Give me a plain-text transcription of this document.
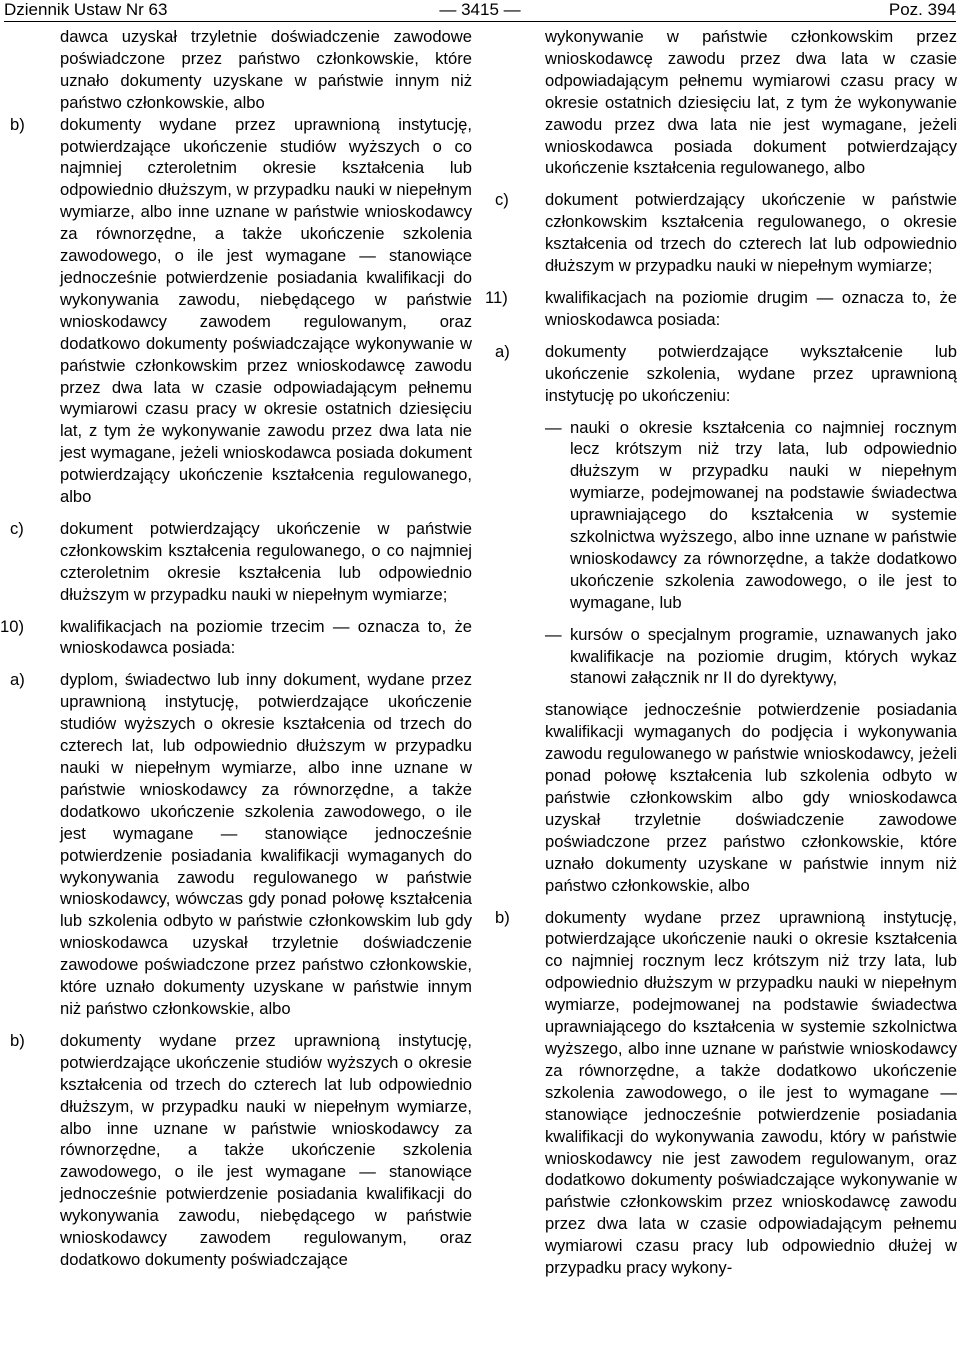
Dziennik Ustaw Nr 63	— 3415 —	Poz. 394

dawca uzyskał trzyletnie doświadczenie zawodowe poświadczone przez państwo członkowskie, które uznało dokumenty uzyskane w państwie innym niż państwo członkowskie, albo

b) dokumenty wydane przez uprawnioną instytucję, potwierdzające ukończenie studiów wyższych o co najmniej czteroletnim okresie kształcenia lub odpowiednio dłuższym, w przypadku nauki w niepełnym wymiarze, albo inne uznane w państwie wnioskodawcy za równorzędne, a także ukończenie szkolenia zawodowego, o ile jest wymagane — stanowiące jednocześnie potwierdzenie posiadania kwalifikacji do wykonywania zawodu, niebędącego w państwie wnioskodawcy zawodem regulowanym, oraz dodatkowo dokumenty poświadczające wykonywanie w państwie członkowskim przez wnioskodawcę zawodu przez dwa lata w czasie odpowiadającym pełnemu wymiarowi czasu pracy w okresie ostatnich dziesięciu lat, z tym że wykonywanie zawodu przez dwa lata nie jest wymagane, jeżeli wnioskodawca posiada dokument potwierdzający ukończenie kształcenia regulowanego, albo
c) dokument potwierdzający ukończenie w państwie członkowskim kształcenia regulowanego, o co najmniej czteroletnim okresie kształcenia lub odpowiednio dłuższym w przypadku nauki w niepełnym wymiarze;
10) kwalifikacjach na poziomie trzecim — oznacza to, że wnioskodawca posiada:
a) dyplom, świadectwo lub inny dokument, wydane przez uprawnioną instytucję, potwierdzające ukończenie studiów wyższych o okresie kształcenia od trzech do czterech lat, lub odpowiednio dłuższym w przypadku nauki w niepełnym wymiarze, albo inne uznane w państwie wnioskodawcy za równorzędne, a także dodatkowo ukończenie szkolenia zawodowego, o ile jest wymagane — stanowiące jednocześnie potwierdzenie posiadania kwalifikacji wymaganych do wykonywania zawodu regulowanego w państwie wnioskodawcy, wówczas gdy ponad połowę kształcenia lub szkolenia odbyto w państwie członkowskim lub gdy wnioskodawca uzyskał trzyletnie doświadczenie zawodowe poświadczone przez państwo członkowskie, które uznało dokumenty uzyskane w państwie innym niż państwo członkowskie, albo
b) dokumenty wydane przez uprawnioną instytucję, potwierdzające ukończenie studiów wyższych o okresie kształcenia od trzech do czterech lat lub odpowiednio dłuższym, w przypadku nauki w niepełnym wymiarze, albo inne uznane w państwie wnioskodawcy za równorzędne, a także ukończenie szkolenia zawodowego, o ile jest wymagane — stanowiące jednocześnie potwierdzenie posiadania kwalifikacji do wykonywania zawodu, niebędącego w państwie wnioskodawcy zawodem regulowanym, oraz dodatkowo dokumenty poświadczające

wykonywanie w państwie członkowskim przez wnioskodawcę zawodu przez dwa lata w czasie odpowiadającym pełnemu wymiarowi czasu pracy w okresie ostatnich dziesięciu lat, z tym że wykonywanie zawodu przez dwa lata nie jest wymagane, jeżeli wnioskodawca posiada dokument potwierdzający ukończenie kształcenia regulowanego, albo

c) dokument potwierdzający ukończenie w państwie członkowskim kształcenia regulowanego, o okresie kształcenia od trzech do czterech lat lub odpowiednio dłuższym w przypadku nauki w niepełnym wymiarze;
11) kwalifikacjach na poziomie drugim — oznacza to, że wnioskodawca posiada:
a) dokumenty potwierdzające wykształcenie lub ukończenie szkolenia, wydane przez uprawnioną instytucję po ukończeniu:
— nauki o okresie kształcenia co najmniej rocznym lecz krótszym niż trzy lata, lub odpowiednio dłuższym w przypadku nauki w niepełnym wymiarze, podejmowanej na podstawie świadectwa uprawniającego do kształcenia w systemie szkolnictwa wyższego, albo inne uznane w państwie wnioskodawcy za równorzędne, a także dodatkowo ukończenie szkolenia zawodowego, o ile jest to wymagane, lub
— kursów o specjalnym programie, uznawanych jako kwalifikacje na poziomie drugim, których wykaz stanowi załącznik nr II do dyrektywy,

stanowiące jednocześnie potwierdzenie posiadania kwalifikacji wymaganych do podjęcia i wykonywania zawodu regulowanego w państwie wnioskodawcy, jeżeli ponad połowę kształcenia lub szkolenia odbyto w państwie członkowskim albo gdy wnioskodawca uzyskał trzyletnie doświadczenie zawodowe poświadczone przez państwo członkowskie, które uznało dokumenty uzyskane w państwie innym niż państwo członkowskie, albo

b) dokumenty wydane przez uprawnioną instytucję, potwierdzające ukończenie nauki o okresie kształcenia co najmniej rocznym lecz krótszym niż trzy lata, lub odpowiednio dłuższym w przypadku nauki w niepełnym wymiarze, podejmowanej na podstawie świadectwa uprawniającego do kształcenia w systemie szkolnictwa wyższego, albo inne uznane w państwie wnioskodawcy za równorzędne, a także dodatkowo ukończenie szkolenia zawodowego, o ile jest to wymagane — stanowiące jednocześnie potwierdzenie posiadania kwalifikacji do wykonywania zawodu, który w państwie wnioskodawcy nie jest zawodem regulowanym, oraz dodatkowo dokumenty poświadczające wykonywanie w państwie członkowskim przez wnioskodawcę zawodu przez dwa lata w czasie odpowiadającym pełnemu wymiarowi czasu pracy lub odpowiednio dłużej w przypadku pracy wykony-
